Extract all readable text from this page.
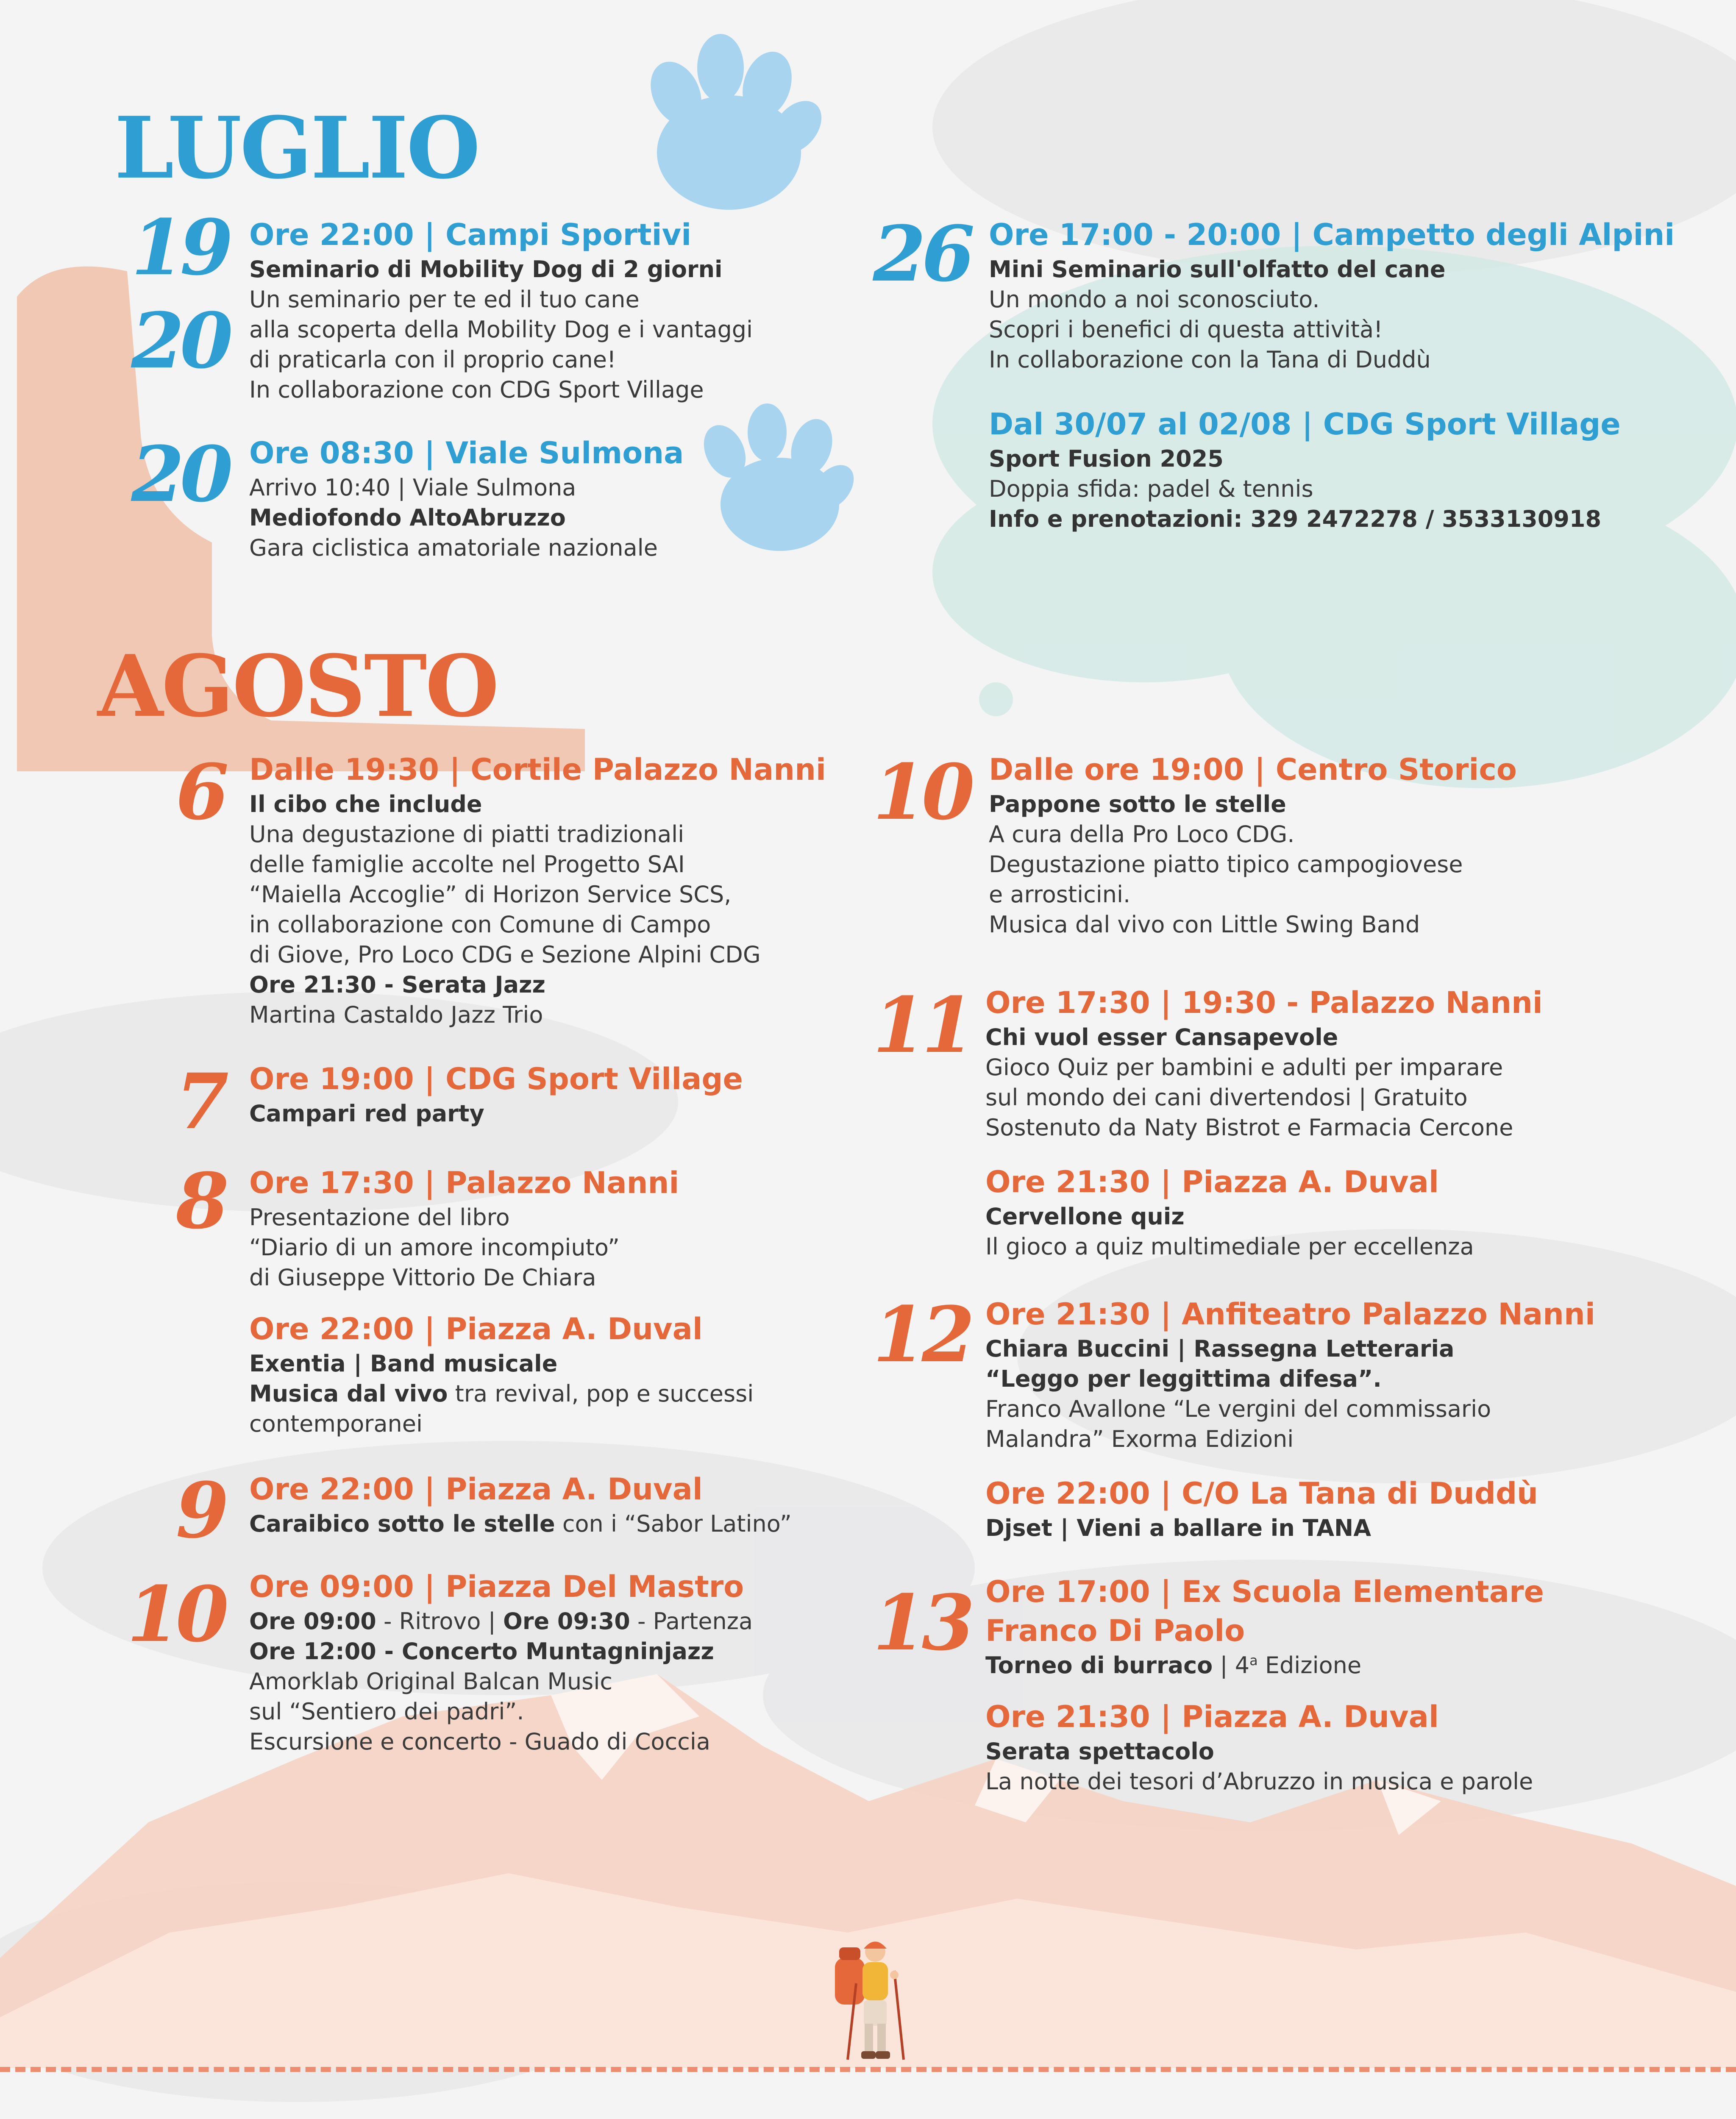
LUGLIO
19
20
20
26

Ore 22:00 | Campi Sportivi

Seminario di Mobility Dog di 2 giorni

Un seminario per te ed il tuo cane

alla scoperta della Mobility Dog e i vantaggi

di praticarla con il proprio cane!

In collaborazione con CDG Sport Village

Ore 08:30 | Viale Sulmona

Arrivo 10:40 | Viale Sulmona

Mediofondo AltoAbruzzo

Gara ciclistica amatoriale nazionale

Ore 17:00 - 20:00 | Campetto degli Alpini

Mini Seminario sull'olfatto del cane

Un mondo a noi sconosciuto.

Scopri i benefici di questa attività!

In collaborazione con la Tana di Duddù

Dal 30/07 al 02/08 | CDG Sport Village

Sport Fusion 2025

Doppia sfida: padel & tennis

Info e prenotazioni: 329 2472278 / 3533130918

AGOSTO
6
7
8
9
10
10
11
12
13

Dalle 19:30 | Cortile Palazzo Nanni

Il cibo che include

Una degustazione di piatti tradizionali

delle famiglie accolte nel Progetto SAI

“Maiella Accoglie” di Horizon Service SCS,

in collaborazione con Comune di Campo

di Giove, Pro Loco CDG e Sezione Alpini CDG

Ore 21:30 - Serata Jazz

Martina Castaldo Jazz Trio

Ore 19:00 | CDG Sport Village

Campari red party

Ore 17:30 | Palazzo Nanni

Presentazione del libro

“Diario di un amore incompiuto”

di Giuseppe Vittorio De Chiara

Ore 22:00 | Piazza A. Duval

Exentia | Band musicale

Musica dal vivo tra revival, pop e successi

contemporanei

Ore 22:00 | Piazza A. Duval

Caraibico sotto le stelle con i “Sabor Latino”

Ore 09:00 | Piazza Del Mastro

Ore 09:00 - Ritrovo | Ore 09:30 - Partenza

Ore 12:00 - Concerto Muntagninjazz

Amorklab Original Balcan Music

sul “Sentiero dei padri”.

Escursione e concerto - Guado di Coccia

Dalle ore 19:00 | Centro Storico

Pappone sotto le stelle

A cura della Pro Loco CDG.

Degustazione piatto tipico campogiovese

e arrosticini.

Musica dal vivo con Little Swing Band

Ore 17:30 | 19:30 - Palazzo Nanni

Chi vuol esser Cansapevole

Gioco Quiz per bambini e adulti per imparare

sul mondo dei cani divertendosi | Gratuito

Sostenuto da Naty Bistrot e Farmacia Cercone

Ore 21:30 | Piazza A. Duval

Cervellone quiz

Il gioco a quiz multimediale per eccellenza

Ore 21:30 | Anfiteatro Palazzo Nanni

Chiara Buccini | Rassegna Letteraria

“Leggo per leggittima difesa”.

Franco Avallone “Le vergini del commissario

Malandra” Exorma Edizioni

Ore 22:00 | C/O La Tana di Duddù

Djset | Vieni a ballare in TANA

Ore 17:00 | Ex Scuola Elementare

Franco Di Paolo

Torneo di burraco | 4$^a$ Edizione

Ore 21:30 | Piazza A. Duval

Serata spettacolo

La notte dei tesori d’Abruzzo in musica e parole
